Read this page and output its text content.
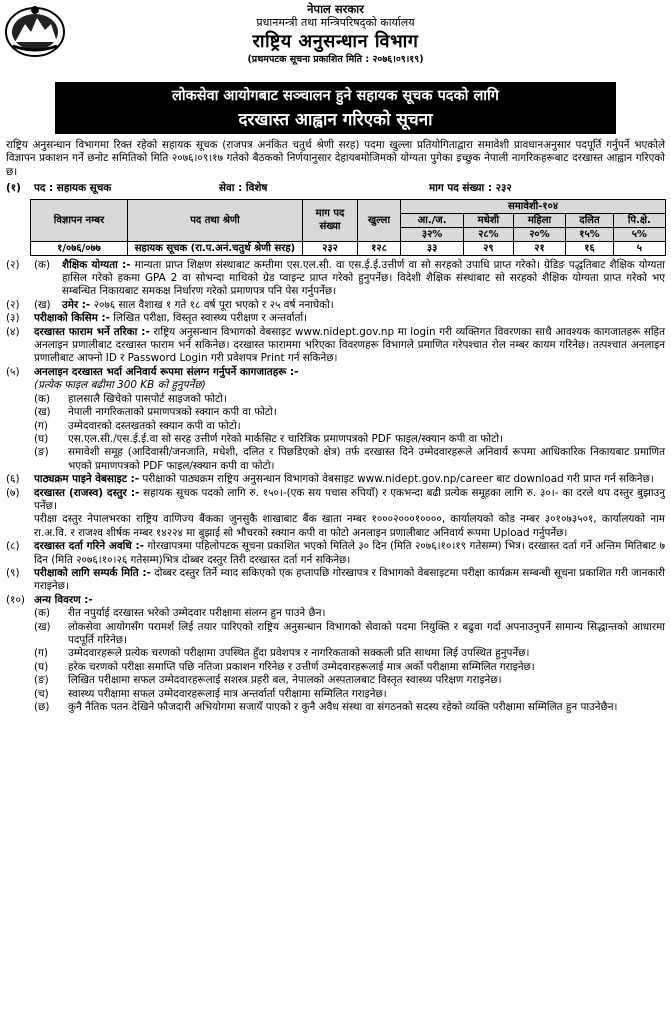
नेपाल सरकार
प्रधानमन्त्री तथा मन्त्रिपरिषद्को कार्यालय
राष्ट्रिय अनुसन्धान विभाग
(प्रथमपटक सूचना प्रकाशित मिति : २०७६।०९।१९)
लोकसेवा आयोगबाट सञ्चालन हुने सहायक सूचक पदको लागि
दरखास्त आह्वान गरिएको सूचना
राष्ट्रिय अनुसन्धान विभागमा रिक्त रहेको सहायक सूचक (राजपत्र अनंकित चतुर्थ श्रेणी सरह) पदमा खुल्ला प्रतियोगिताद्वारा समावेशी प्रावधानअनुसार पदपूर्ति गर्नुपर्ने भएकोले विज्ञापन प्रकाशन गर्ने छनोट समितिको मिति २०७६।०९।१७ गतेको बैठकको निर्णयानुसार देहायबमोजिमको योग्यता पुगेका इच्छुक नेपाली नागरिकहरूबाट दरखास्त आह्वान गरिएको छ।
(१)	पद : सहायक सूचक	सेवा : विशेष	माग पद संख्या : २३२
विज्ञापन नम्बर	पद तथा श्रेणी	माग पद संख्या	खुल्ला	समावेशी-१०४				
				आ./ज.	मधेशी	महिला	दलित	पि.क्षे.
				३२%	२८%	२०%	१५%	५%
१/०७६/०७७	सहायक सूचक (रा.प.अनं.चतुर्थ श्रेणी सरह)	२३२	१२८	३३	२९	२१	१६	५
(२)	(क)	शैक्षिक योग्यता :- मान्यता प्राप्त शिक्षण संस्थाबाट कम्तीमा एस.एल.सी. वा एस.ई.ई.उत्तीर्ण वा सो सरहको उपाधि प्राप्त गरेको। ग्रेडिङ पद्धतिबाट शैक्षिक योग्यता हासिल गरेको हकमा GPA 2 वा सोभन्दा माथिको ग्रेड प्वाइन्ट प्राप्त गरेको हुनुपर्नेछ। विदेशी शैक्षिक संस्थाबाट सो सरहको शैक्षिक योग्यता प्राप्त गरेको भए सम्बन्धित निकायबाट समकक्ष निर्धारण गरेको प्रमाणपत्र पनि पेस गर्नुपर्नेछ।
(२)	(ख)	उमेर :- २०७६ साल वैशाख १ गते १८ वर्ष पूरा भएको र २५ वर्ष ननाघेको।
(३)	परीक्षाको किसिम :- लिखित परीक्षा, विस्तृत स्वास्थ्य परीक्षण र अन्तर्वार्ता।
(४)	दरखास्त फाराम भर्ने तरिका :- राष्ट्रिय अनुसन्धान विभागको वेबसाइट www.nidept.gov.np मा login गरी व्यक्तिगत विवरणका साथै आवश्यक कागजातहरू सहित अनलाइन प्रणालीबाट दरखास्त फाराम भर्न सकिनेछ। दरखास्त फाराममा भरिएका विवरणहरू विभागले प्रमाणित गरेपश्चात रोल नम्बर कायम गरिनेछ। तत्पश्चात अनलाइन प्रणालीबाट आफ्नो ID र Password Login गरी प्रवेशपत्र Print गर्न सकिनेछ।
(५)	अनलाइन दरखास्त भर्दा अनिवार्य रूपमा संलग्न गर्नुपर्ने कागजातहरू :-
(प्रत्येक फाइल बढीमा 300 KB को हुनुपर्नेछ)
(क)	हालसालै खिचेको पासपोर्ट साइजको फोटो।
(ख)	नेपाली नागरिकताको प्रमाणपत्रको स्क्यान कपी वा फोटो।
(ग)	उम्मेदवारको दस्तखतको स्क्यान कपी वा फोटो।
(घ)	एस.एल.सी./एस.ई.ई.वा सो सरह उत्तीर्ण गरेको मार्कसिट र चारित्रिक प्रमाणपत्रको PDF फाइल/स्क्यान कपी वा फोटो।
(ङ)	समावेशी समूह (आदिवासी/जनजाति, मधेशी, दलित र पिछडिएको क्षेत्र) तर्फ दरखास्त दिने उम्मेदवारहरूले अनिवार्य रूपमा आधिकारिक निकायबाट प्रमाणित भएको प्रमाणपत्रको PDF फाइल/स्क्यान कपी वा फोटो।
(६)	पाठ्यक्रम पाइने वेबसाइट :- परीक्षाको पाठ्यक्रम राष्ट्रिय अनुसन्धान विभागको वेबसाइट www.nidept.gov.np/career बाट download गरी प्राप्त गर्न सकिनेछ।
(७)	दरखास्त (राजस्व) दस्तुर :- सहायक सूचक पदको लागि रु. १५०।-(एक सय पचास रुपियाँ) र एकभन्दा बढी प्रत्येक समूहका लागि रु. ३०।- का दरले थप दस्तुर बुझाउनु पर्नेछ।
परीक्षा दस्तुर नेपालभरका राष्ट्रिय वाणिज्य बैंकका जुनसुकै शाखाबाट बैंक खाता नम्बर १०००२०००१००००, कार्यालयको कोड नम्बर ३०१०७३५०१, कार्यालयको नाम रा.अ.वि. र राजश्व शीर्षक नम्बर १४२२४ मा बुझाई सो भौचरको स्क्यान कपी वा फोटो अनलाइन प्रणालीबाट अनिवार्य रूपमा Upload गर्नुपर्नेछ।
(८)	दरखास्त दर्ता गरिने अवधि :- गोरखापत्रमा पहिलोपटक सूचना प्रकाशित भएको मितिले ३० दिन (मिति २०७६।१०।१९ गतेसम्म) भित्र। दरखास्त दर्ता गर्ने अन्तिम मितिबाट ७ दिन (मिति २०७६।१०।२६ गतेसम्म)भित्र दोब्बर दस्तुर तिरी दरखास्त दर्ता गर्न सकिनेछ।
(९)	परीक्षाको लागि सम्पर्क मिति :- दोब्बर दस्तुर तिर्ने म्याद सकिएको एक हप्तापछि गोरखापत्र र विभागको वेबसाइटमा परीक्षा कार्यक्रम सम्बन्धी सूचना प्रकाशित गरी जानकारी गराइनेछ।
(१०) अन्य विवरण :-
(क)	रीत नपुर्याई दरखास्त भरेको उम्मेदवार परीक्षामा संलग्न हुन पाउने छैन।
(ख)	लोकसेवा आयोगसँग परामर्श लिई तयार पारिएको राष्ट्रिय अनुसन्धान विभागको सेवाको पदमा नियुक्ति र बढुवा गर्दा अपनाउनुपर्ने सामान्य सिद्धान्तको आधारमा पदपूर्ति गरिनेछ।
(ग)	उम्मेदवारहरूले प्रत्येक चरणको परीक्षामा उपस्थित हुँदा प्रवेशपत्र र नागरिकताको सक्कली प्रति साथमा लिई उपस्थित हुनुपर्नेछ।
(घ)	हरेक चरणको परीक्षा समाप्ति पछि नतिजा प्रकाशन गरिनेछ र उत्तीर्ण उम्मेदवारहरूलाई मात्र अर्को परीक्षामा सम्मिलित गराइनेछ।
(ङ)	लिखित परीक्षामा सफल उम्मेदवारहरूलाई सशस्त्र प्रहरी बल, नेपालको अस्पतालबाट विस्तृत स्वास्थ्य परिक्षण गराइनेछ।
(च)	स्वास्थ्य परीक्षामा सफल उम्मेदवारहरूलाई मात्र अन्तर्वार्ता परीक्षामा सम्मिलित गराइनेछ।
(छ)	कुनै नैतिक पतन देखिने फौजदारी अभियोगमा सजायँ पाएको र कुनै अवैध संस्था वा संगठनको सदस्य रहेको व्यक्ति परीक्षामा सम्मिलित हुन पाउनेछैन।
